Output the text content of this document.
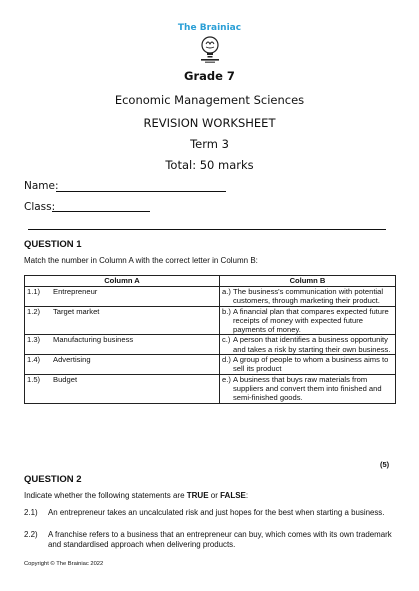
The Brainiac
Grade 7
Economic Management Sciences
REVISION WORKSHEET
Term 3
Total: 50 marks
Name:
Class:
QUESTION 1
Match the number in Column A with the correct letter in Column B:
Column A	Column B
1.1) Entrepreneur	a.) The business's communication with potential customers, through marketing their product.

1.2) Target market	b.) A financial plan that compares expected future receipts of money with expected future payments of money.

1.3) Manufacturing business	c.) A person that identifies a business opportunity and takes a risk by starting their own business.

1.4) Advertising	d.) A group of people to whom a business aims to sell its product

1.5) Budget	e.) A business that buys raw materials from suppliers and convert them into finished and semi-finished goods.
(5)
QUESTION 2
Indicate whether the following statements are TRUE or FALSE:
2.1)	An entrepreneur takes an uncalculated risk and just hopes for the best when starting a business.
2.2)	A franchise refers to a business that an entrepreneur can buy, which comes with its own trademark and standardised approach when delivering products.
Copyright © The Brainiac 2022
